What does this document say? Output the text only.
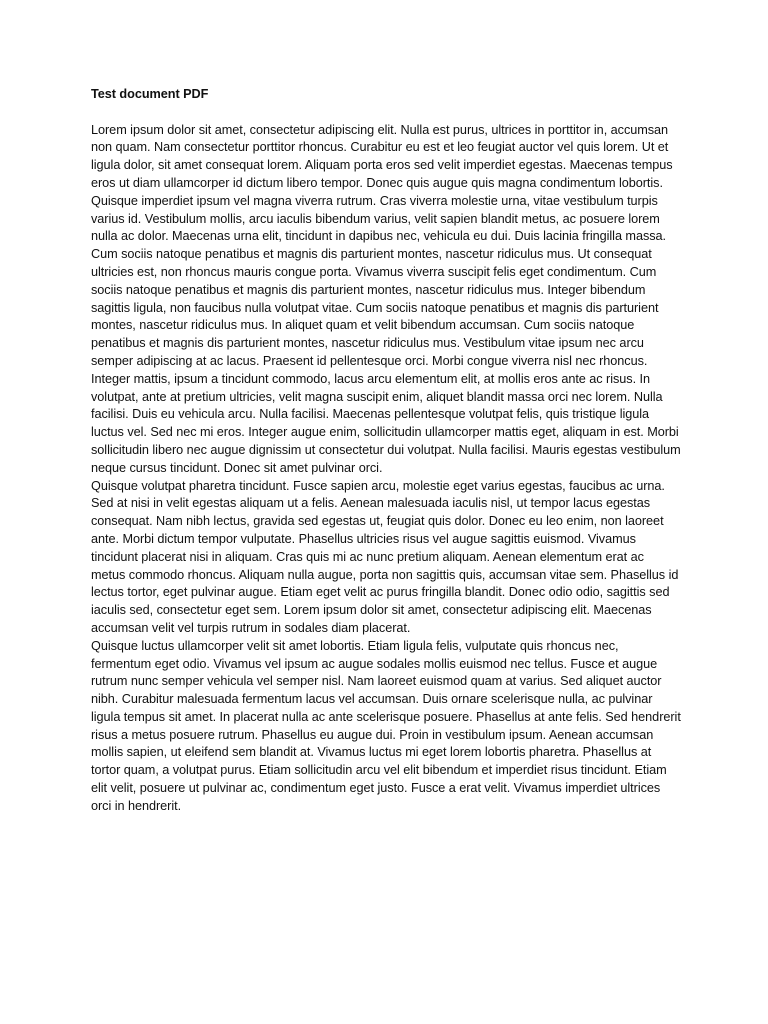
Test document PDF

Lorem ipsum dolor sit amet, consectetur adipiscing elit. Nulla est purus, ultrices in porttitor in, accumsan non quam. Nam consectetur porttitor rhoncus. Curabitur eu est et leo feugiat auctor vel quis lorem. Ut et ligula dolor, sit amet consequat lorem. Aliquam porta eros sed velit imperdiet egestas. Maecenas tempus eros ut diam ullamcorper id dictum libero tempor. Donec quis augue quis magna condimentum lobortis. Quisque imperdiet ipsum vel magna viverra rutrum. Cras viverra molestie urna, vitae vestibulum turpis varius id. Vestibulum mollis, arcu iaculis bibendum varius, velit sapien blandit metus, ac posuere lorem nulla ac dolor. Maecenas urna elit, tincidunt in dapibus nec, vehicula eu dui. Duis lacinia fringilla massa. Cum sociis natoque penatibus et magnis dis parturient montes, nascetur ridiculus mus. Ut consequat ultricies est, non rhoncus mauris congue porta. Vivamus viverra suscipit felis eget condimentum. Cum sociis natoque penatibus et magnis dis parturient montes, nascetur ridiculus mus. Integer bibendum sagittis ligula, non faucibus nulla volutpat vitae. Cum sociis natoque penatibus et magnis dis parturient montes, nascetur ridiculus mus. In aliquet quam et velit bibendum accumsan. Cum sociis natoque penatibus et magnis dis parturient montes, nascetur ridiculus mus. Vestibulum vitae ipsum nec arcu semper adipiscing at ac lacus. Praesent id pellentesque orci. Morbi congue viverra nisl nec rhoncus. Integer mattis, ipsum a tincidunt commodo, lacus arcu elementum elit, at mollis eros ante ac risus. In volutpat, ante at pretium ultricies, velit magna suscipit enim, aliquet blandit massa orci nec lorem. Nulla facilisi. Duis eu vehicula arcu. Nulla facilisi. Maecenas pellentesque volutpat felis, quis tristique ligula luctus vel. Sed nec mi eros. Integer augue enim, sollicitudin ullamcorper mattis eget, aliquam in est. Morbi sollicitudin libero nec augue dignissim ut consectetur dui volutpat. Nulla facilisi. Mauris egestas vestibulum neque cursus tincidunt. Donec sit amet pulvinar orci.

Quisque volutpat pharetra tincidunt. Fusce sapien arcu, molestie eget varius egestas, faucibus ac urna. Sed at nisi in velit egestas aliquam ut a felis. Aenean malesuada iaculis nisl, ut tempor lacus egestas consequat. Nam nibh lectus, gravida sed egestas ut, feugiat quis dolor. Donec eu leo enim, non laoreet ante. Morbi dictum tempor vulputate. Phasellus ultricies risus vel augue sagittis euismod. Vivamus tincidunt placerat nisi in aliquam. Cras quis mi ac nunc pretium aliquam. Aenean elementum erat ac metus commodo rhoncus. Aliquam nulla augue, porta non sagittis quis, accumsan vitae sem. Phasellus id lectus tortor, eget pulvinar augue. Etiam eget velit ac purus fringilla blandit. Donec odio odio, sagittis sed iaculis sed, consectetur eget sem. Lorem ipsum dolor sit amet, consectetur adipiscing elit. Maecenas accumsan velit vel turpis rutrum in sodales diam placerat.

Quisque luctus ullamcorper velit sit amet lobortis. Etiam ligula felis, vulputate quis rhoncus nec, fermentum eget odio. Vivamus vel ipsum ac augue sodales mollis euismod nec tellus. Fusce et augue rutrum nunc semper vehicula vel semper nisl. Nam laoreet euismod quam at varius. Sed aliquet auctor nibh. Curabitur malesuada fermentum lacus vel accumsan. Duis ornare scelerisque nulla, ac pulvinar ligula tempus sit amet. In placerat nulla ac ante scelerisque posuere. Phasellus at ante felis. Sed hendrerit risus a metus posuere rutrum. Phasellus eu augue dui. Proin in vestibulum ipsum. Aenean accumsan mollis sapien, ut eleifend sem blandit at. Vivamus luctus mi eget lorem lobortis pharetra. Phasellus at tortor quam, a volutpat purus. Etiam sollicitudin arcu vel elit bibendum et imperdiet risus tincidunt. Etiam elit velit, posuere ut pulvinar ac, condimentum eget justo. Fusce a erat velit. Vivamus imperdiet ultrices orci in hendrerit.
